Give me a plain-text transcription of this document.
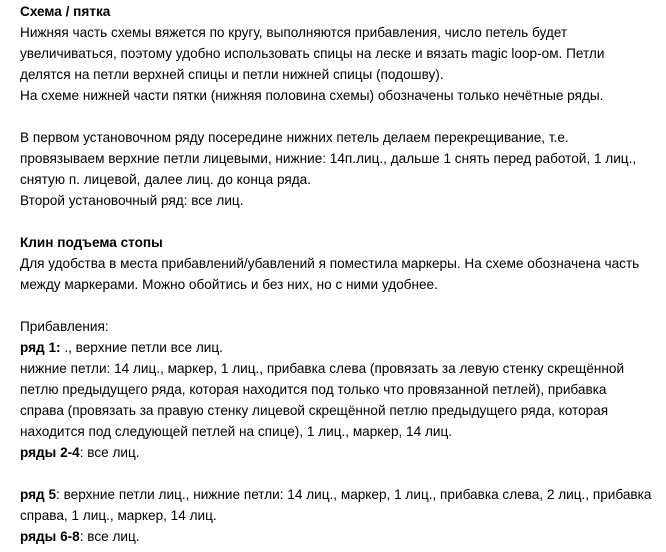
Схема / пятка
Нижняя часть схемы вяжется по кругу, выполняются прибавления, число петель будет
увеличиваться, поэтому удобно использовать спицы на леске и вязать magic loop-ом. Петли
делятся на петли верхней спицы и петли нижней спицы (подошву).
На схеме нижней части пятки (нижняя половина схемы) обозначены только нечётные ряды.
В первом установочном ряду посередине нижних петель делаем перекрещивание, т.е.
провязываем верхние петли лицевыми, нижние: 14п.лиц., дальше 1 снять перед работой, 1 лиц.,
снятую п. лицевой, далее лиц. до конца ряда.
Второй установочный ряд: все лиц.
Клин подъема стопы
Для удобства в места прибавлений/убавлений я поместила маркеры. На схеме обозначена часть
между маркерами. Можно обойтись и без них, но с ними удобнее.
Прибавления:
ряд 1: ., верхние петли все лиц.
нижние петли: 14 лиц., маркер, 1 лиц., прибавка слева (провязать за левую стенку скрещённой
петлю предыдущего ряда, которая находится под только что провязанной петлей), прибавка
справа (провязать за правую стенку лицевой скрещённой петлю предыдущего ряда, которая
находится под следующей петлей на спице), 1 лиц., маркер, 14 лиц.
ряды 2-4: все лиц.
ряд 5: верхние петли лиц., нижние петли: 14 лиц., маркер, 1 лиц., прибавка слева, 2 лиц., прибавка
справа, 1 лиц., маркер, 14 лиц.
ряды 6-8: все лиц.
